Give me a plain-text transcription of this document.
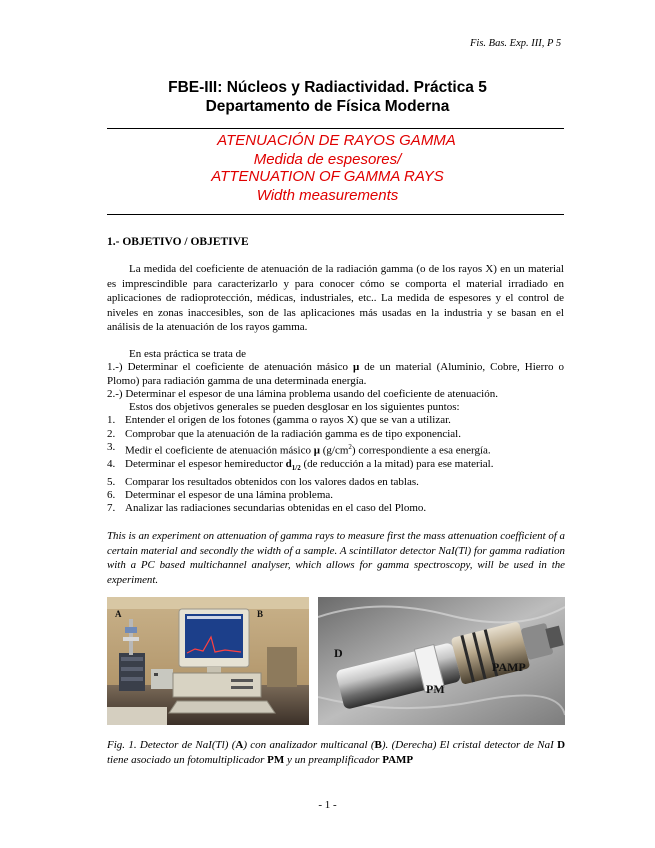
Fis. Bas. Exp. III, P 5
FBE-III: Núcleos y Radiactividad. Práctica 5
Departamento de Física Moderna
ATENUACIÓN DE RAYOS GAMMA
Medida de espesores/
ATTENUATION OF GAMMA RAYS
Width measurements
1.- OBJETIVO / OBJETIVE
La medida del coeficiente de atenuación de la radiación gamma (o de los rayos X) en un material es imprescindible para caracterizarlo y para conocer cómo se comporta el material irradiado en aplicaciones de radioprotección, médicas, industriales, etc.. La medida de espesores y el control de niveles en zonas inaccesibles, son de las aplicaciones más usadas en la industria y se basan en el análisis de la atenuación de los rayos gamma.
En esta práctica se trata de
1.-) Determinar el coeficiente de atenuación másico μ de un material (Aluminio, Cobre, Hierro o Plomo) para radiación gamma de una determinada energía.
2.-) Determinar el espesor de una lámina problema usando del coeficiente de atenuación.
Estos dos objetivos generales se pueden desglosar en los siguientes puntos:
1. Entender el origen de los fotones (gamma o rayos X) que se van a utilizar.
2. Comprobar que la atenuación de la radiación gamma es de tipo exponencial.
3. Medir el coeficiente de atenuación másico μ $(g/cm^2)$ correspondiente a esa energía.
4. Determinar el espesor hemireductor $d_{1/2}$ (de reducción a la mitad) para ese material.
5. Comparar los resultados obtenidos con los valores dados en tablas.
6. Determinar el espesor de una lámina problema.
7. Analizar las radiaciones secundarias obtenidas en el caso del Plomo.
This is an experiment on attenuation of gamma rays to measure first the mass attenuation coefficient of a certain material and secondly the width of a sample. A scintillator detector NaI(Tl) for gamma radiation with a PC based multichannel analyser, which allows for gamma spectroscopy, will be used in the experiment.
A	B
D
PAMP
PM
Fig. 1. Detector de NaI(Tl) (A) con analizador multicanal (B). (Derecha) El cristal detector de NaI D tiene asociado un fotomultiplicador PM y un preamplificador PAMP
- 1 -
